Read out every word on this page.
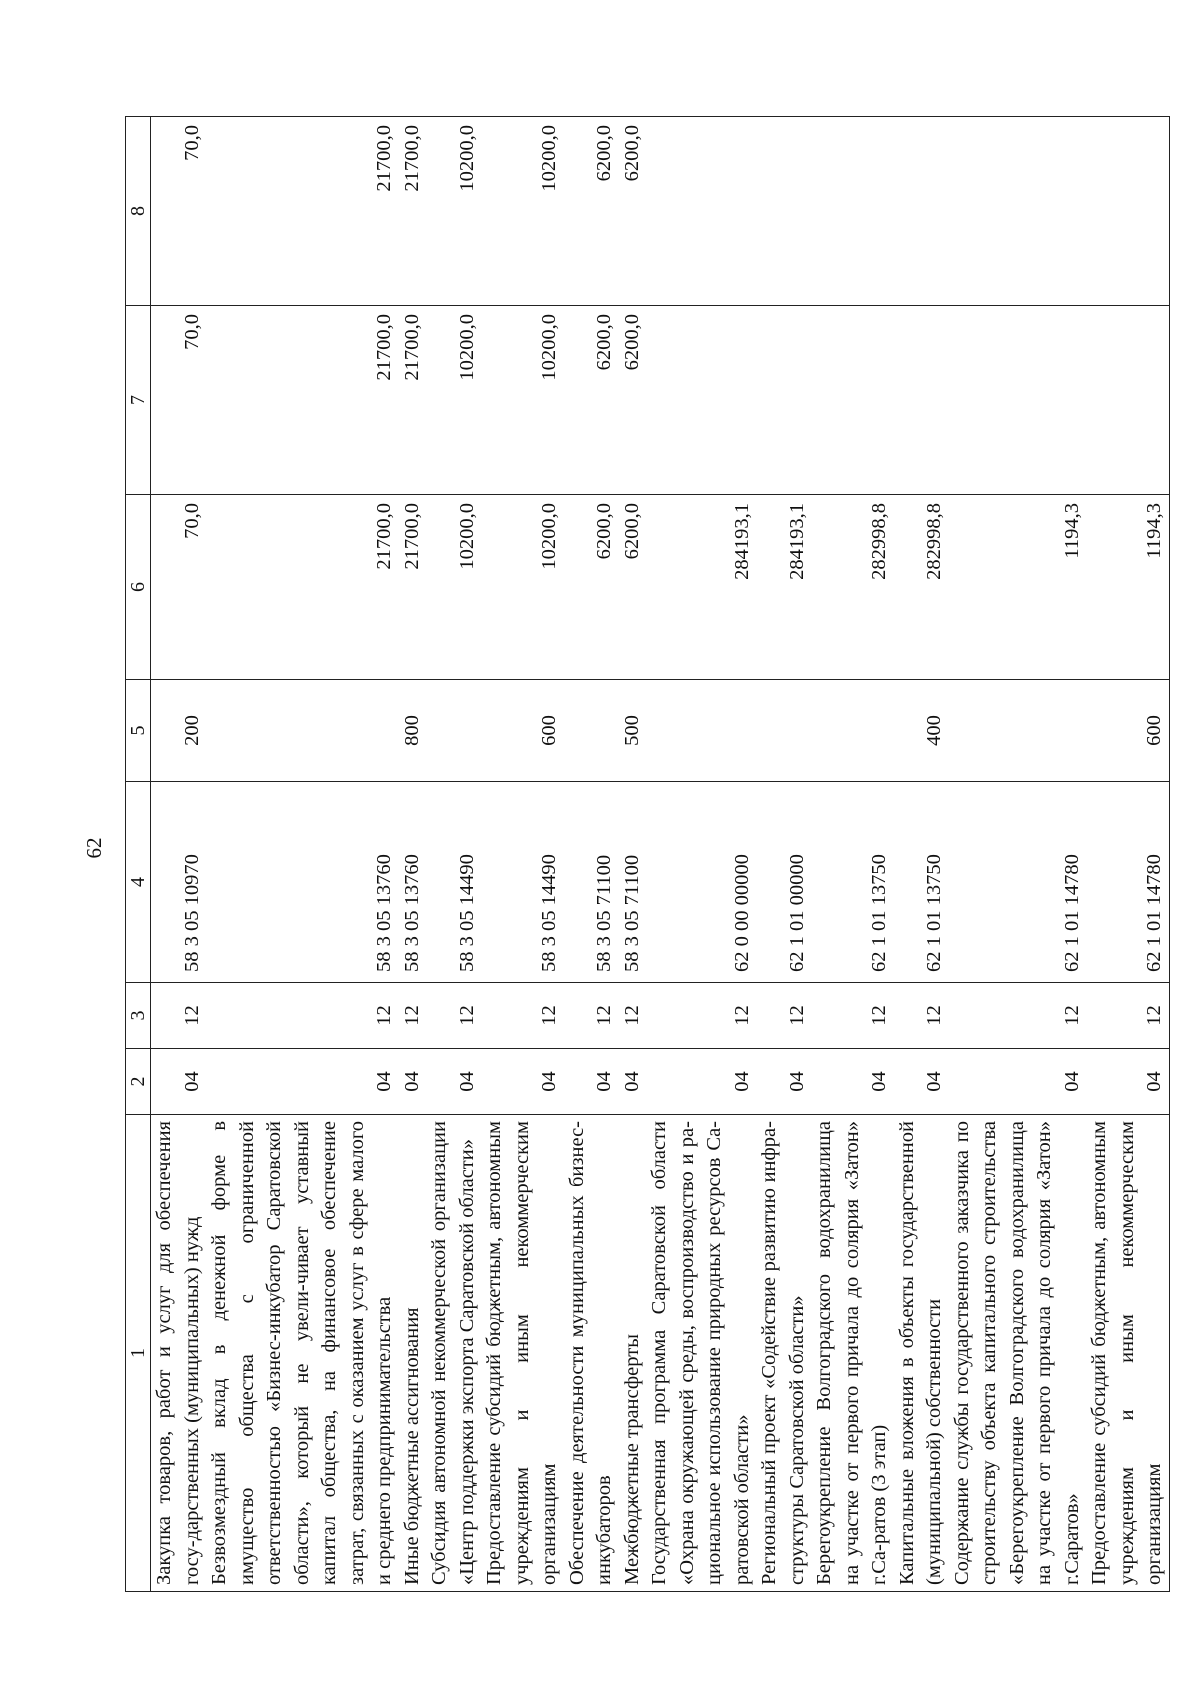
62
1	2	3	4	5	6	7	8
Закупка товаров, работ и услуг для обеспечения госу-дарственных (муниципальных) нужд	04	12	58 3 05 10970	200	70,0	70,0	70,0
Безвозмездный вклад в денежной форме в имущество общества с ограниченной ответственностью «Бизнес-инкубатор Саратовской области», который не увели-чивает уставный капитал общества, на финансовое обеспечение затрат, связанных с оказанием услуг в сфере малого и среднего предпринимательства	04	12	58 3 05 13760		21700,0	21700,0	21700,0
Иные бюджетные ассигнования	04	12	58 3 05 13760	800	21700,0	21700,0	21700,0
Субсидия автономной некоммерческой организации «Центр поддержки экспорта Саратовской области»	04	12	58 3 05 14490		10200,0	10200,0	10200,0
Предоставление субсидий бюджетным, автономным учреждениям и иным некоммерческим организациям	04	12	58 3 05 14490	600	10200,0	10200,0	10200,0
Обеспечение деятельности муниципальных бизнес-инкубаторов	04	12	58 3 05 71100		6200,0	6200,0	6200,0
Межбюджетные трансферты	04	12	58 3 05 71100	500	6200,0	6200,0	6200,0
Государственная программа Саратовской области «Охрана окружающей среды, воспроизводство и ра-циональное использование природных ресурсов Са-ратовской области»	04	12	62 0 00 00000		284193,1		
Региональный проект «Содействие развитию инфра-структуры Саратовской области»	04	12	62 1 01 00000		284193,1		
Берегоукрепление Волгоградского водохранилища на участке от первого причала до солярия «Затон» г.Са-ратов (3 этап)	04	12	62 1 01 13750		282998,8		
Капитальные вложения в объекты государственной (муниципальной) собственности	04	12	62 1 01 13750	400	282998,8		
Содержание службы государственного заказчика по строительству объекта капитального строительства «Берегоукрепление Волгоградского водохранилища на участке от первого причала до солярия «Затон» г.Саратов»	04	12	62 1 01 14780		1194,3		
Предоставление субсидий бюджетным, автономным учреждениям и иным некоммерческим организациям	04	12	62 1 01 14780	600	1194,3		
